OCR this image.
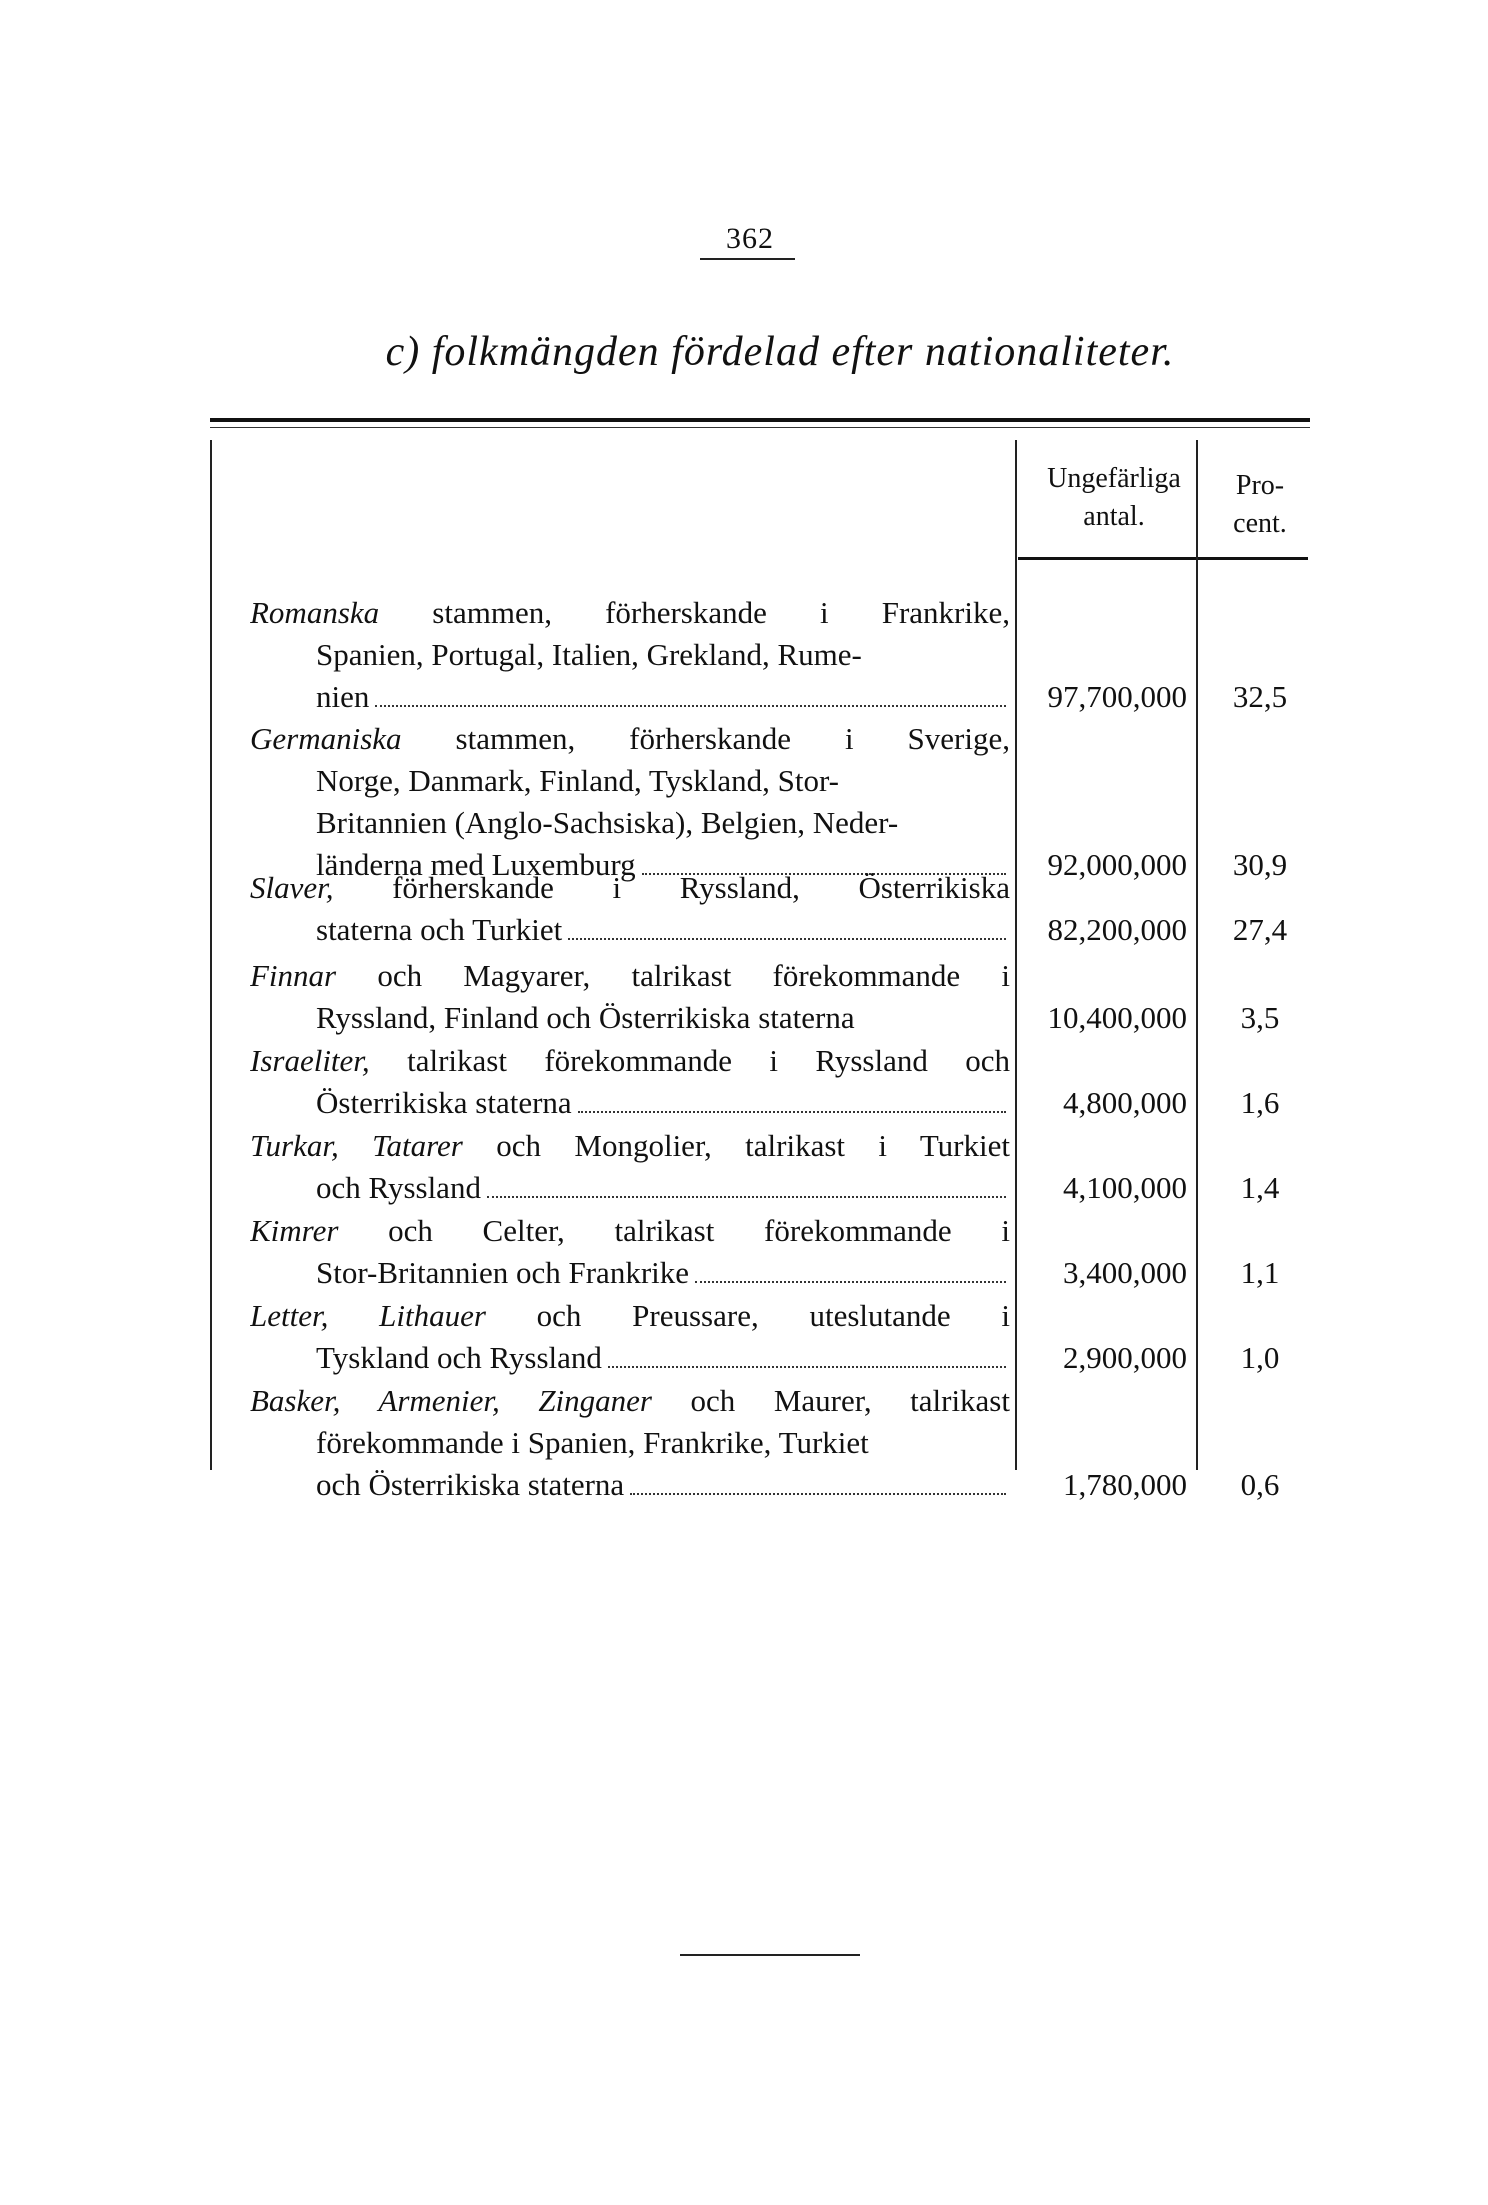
362
c) folkmängden fördelad efter nationaliteter.
Ungefärliga
antal.
Pro-
cent.
Romanska stammen, förherskande i Frankrike,
Spanien, Portugal, Italien, Grekland, Rume-
nien	97,700,000	32,5
Germaniska stammen, förherskande i Sverige,
Norge, Danmark, Finland, Tyskland, Stor-
Britannien (Anglo-Sachsiska), Belgien, Neder-
länderna med Luxemburg	92,000,000	30,9
Slaver, förherskande i Ryssland, Österrikiska
staterna och Turkiet	82,200,000	27,4
Finnar och Magyarer, talrikast förekommande i
Ryssland, Finland och Österrikiska staterna	10,400,000	3,5
Israeliter, talrikast förekommande i Ryssland och
Österrikiska staterna	4,800,000	1,6
Turkar, Tatarer och Mongolier, talrikast i Turkiet
och Ryssland	4,100,000	1,4
Kimrer och Celter, talrikast förekommande i
Stor-Britannien och Frankrike	3,400,000	1,1
Letter, Lithauer och Preussare, uteslutande i
Tyskland och Ryssland	2,900,000	1,0
Basker, Armenier, Zinganer och Maurer, talrikast
förekommande i Spanien, Frankrike, Turkiet
och Österrikiska staterna	1,780,000	0,6
